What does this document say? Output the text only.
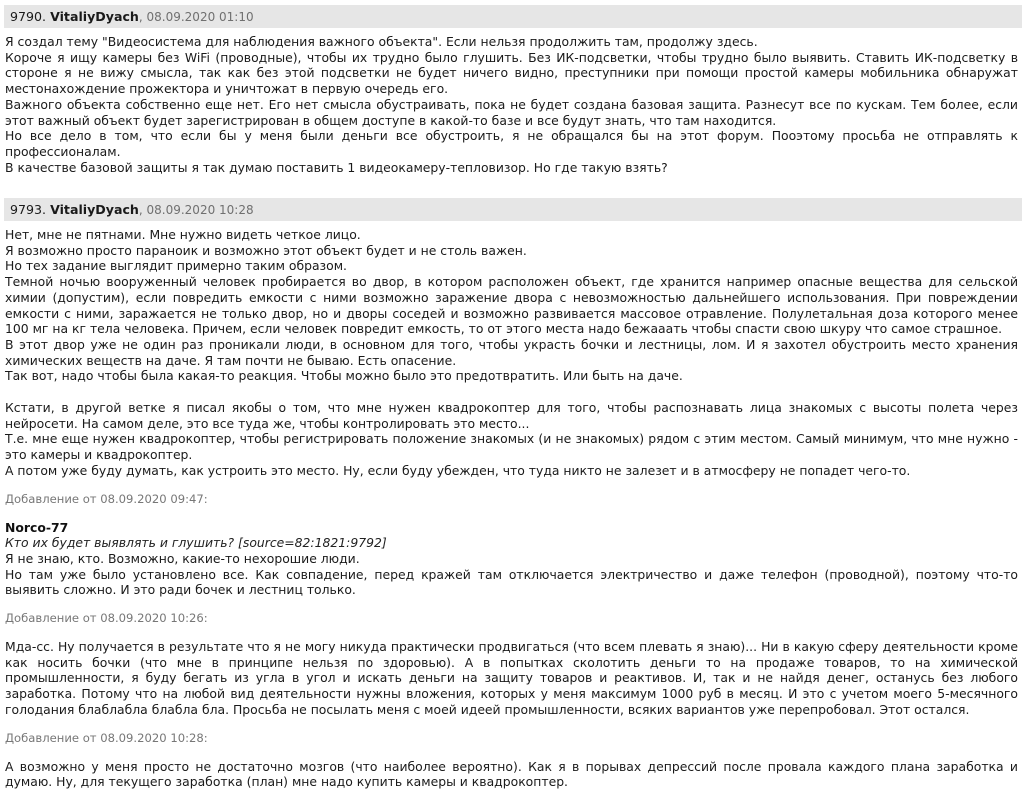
9790. VitaliyDyach, 08.09.2020 01:10

Я создал тему "Видеосистема для наблюдения важного объекта". Если нельзя продолжить там, продолжу здесь.

Короче я ищу камеры без WiFi (проводные), чтобы их трудно было глушить. Без ИК-подсветки, чтобы трудно было выявить. Ставить ИК-подсветку в стороне я не вижу смысла, так как без этой подсветки не будет ничего видно, преступники при помощи простой камеры мобильника обнаружат местонахождение прожектора и уничтожат в первую очередь его.

Важного объекта собственно еще нет. Его нет смысла обустраивать, пока не будет создана базовая защита. Разнесут все по кускам. Тем более, если этот важный объект будет зарегистрирован в общем доступе в какой-то базе и все будут знать, что там находится.

Но все дело в том, что если бы у меня были деньги все обустроить, я не обращался бы на этот форум. Пооэтому просьба не отправлять к профессионалам.

В качестве базовой защиты я так думаю поставить 1 видеокамеру-тепловизор. Но где такую взять?

9793. VitaliyDyach, 08.09.2020 10:28

Нет, мне не пятнами. Мне нужно видеть четкое лицо.

Я возможно просто параноик и возможно этот объект будет и не столь важен.

Но тех задание выглядит примерно таким образом.

Темной ночью вооруженный человек пробирается во двор, в котором расположен объект, где хранится например опасные вещества для сельской химии (допустим), если повредить емкости с ними возможно заражение двора с невозможностью дальнейшего использования. При повреждении емкости с ними, заражается не только двор, но и дворы соседей и возможно развивается массовое отравление. Полулетальная доза которого менее 100 мг на кг тела человека. Причем, если человек повредит емкость, то от этого места надо бежааать чтобы спасти свою шкуру что самое страшное.

В этот двор уже не один раз проникали люди, в основном для того, чтобы украсть бочки и лестницы, лом. И я захотел обустроить место хранения химических веществ на даче. Я там почти не бываю. Есть опасение.

Так вот, надо чтобы была какая-то реакция. Чтобы можно было это предотвратить. Или быть на даче.

Кстати, в другой ветке я писал якобы о том, что мне нужен квадрокоптер для того, чтобы распознавать лица знакомых с высоты полета через нейросети. На самом деле, это все туда же, чтобы контролировать это место...

Т.е. мне еще нужен квадрокоптер, чтобы регистрировать положение знакомых (и не знакомых) рядом с этим местом. Самый минимум, что мне нужно - это камеры и квадрокоптер.

А потом уже буду думать, как устроить это место. Ну, если буду убежден, что туда никто не залезет и в атмосферу не попадет чего-то.

Добавление от 08.09.2020 09:47:
Norco-77
Кто их будет выявлять и глушить? [source=82:1821:9792]

Я не знаю, кто. Возможно, какие-то нехорошие люди.

Но там уже было установлено все. Как совпадение, перед кражей там отключается электричество и даже телефон (проводной), поэтому что-то выявить сложно. И это ради бочек и лестниц только.

Добавление от 08.09.2020 10:26:

Мда-сс. Ну получается в результате что я не могу никуда практически продвигаться (что всем плевать я знаю)... Ни в какую сферу деятельности кроме как носить бочки (что мне в принципе нельзя по здоровью). А в попытках сколотить деньги то на продаже товаров, то на химической промышленности, я буду бегать из угла в угол и искать деньги на защиту товаров и реактивов. И, так и не найдя денег, останусь без любого заработка. Потому что на любой вид деятельности нужны вложения, которых у меня максимум 1000 руб в месяц. И это с учетом моего 5-месячного голодания блаблабла блабла бла. Просьба не посылать меня с моей идеей промышленности, всяких вариантов уже перепробовал. Этот остался.

Добавление от 08.09.2020 10:28:

А возможно у меня просто не достаточно мозгов (что наиболее вероятно). Как я в порывах депрессий после провала каждого плана заработка и думаю. Ну, для текущего заработка (план) мне надо купить камеры и квадрокоптер.
